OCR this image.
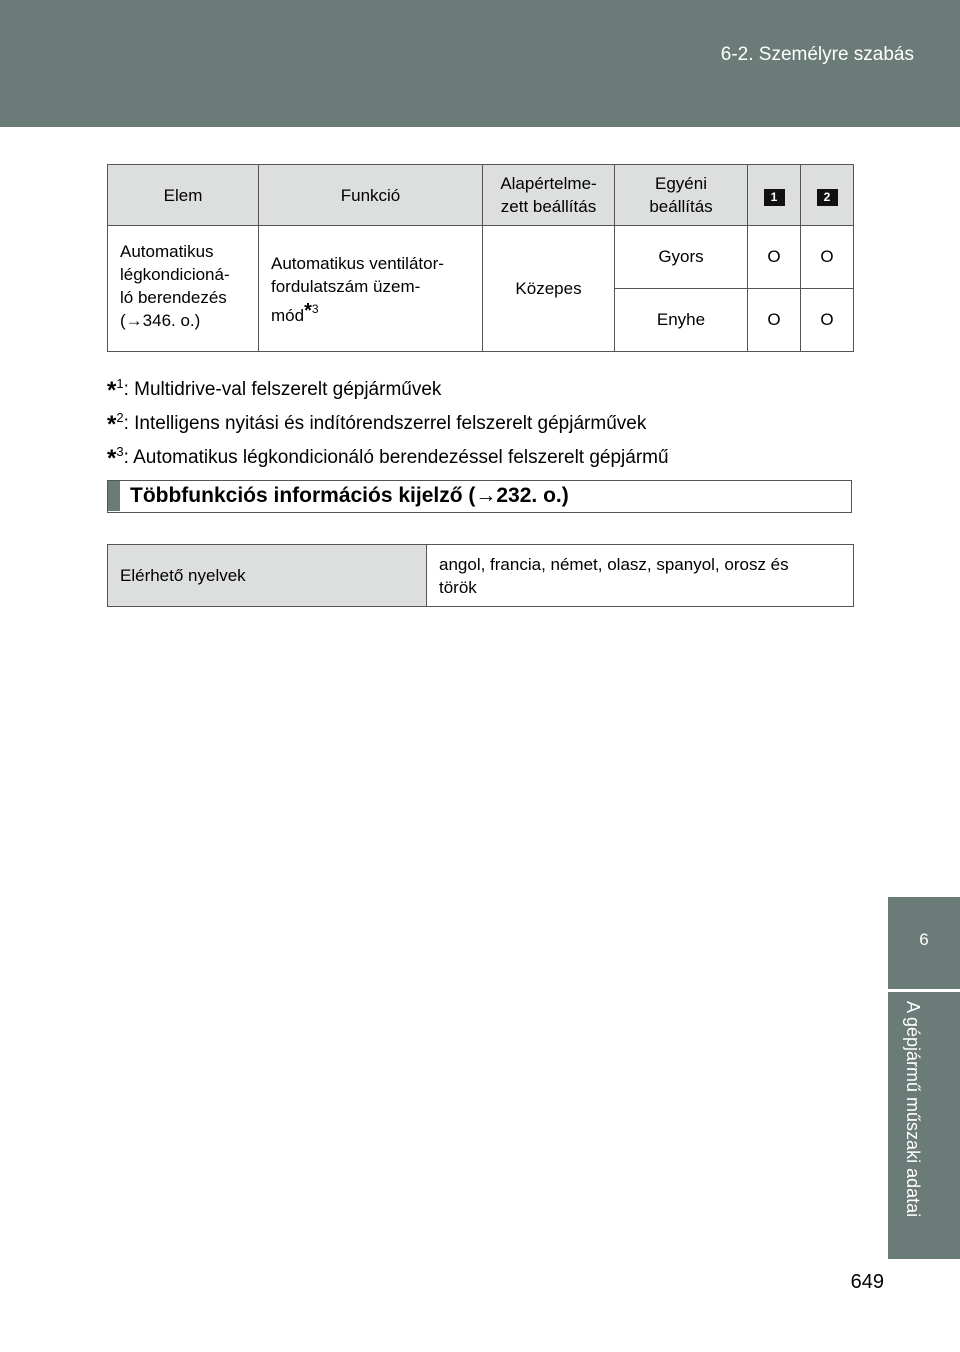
6-2. Személyre szabás
Elem	Funkció	Alapértelme-
zett beállítás	Egyéni
beállítás	1	2
Automatikus
légkondicioná-
ló berendezés
(→346. o.)	Automatikus ventilátor-
fordulatszám üzem-
mód$^{*3}$	Közepes	Gyors	O	O
			Enyhe	O	O
*$^1$: Multidrive-val felszerelt gépjárművek
*$^2$: Intelligens nyitási és indítórendszerrel felszerelt gépjárművek
*$^3$: Automatikus légkondicionáló berendezéssel felszerelt gépjármű
Többfunkciós információs kijelző (→232. o.)
Elérhető nyelvek	angol, francia, német, olasz, spanyol, orosz és
török
6
A gépjármű műszaki adatai
649
